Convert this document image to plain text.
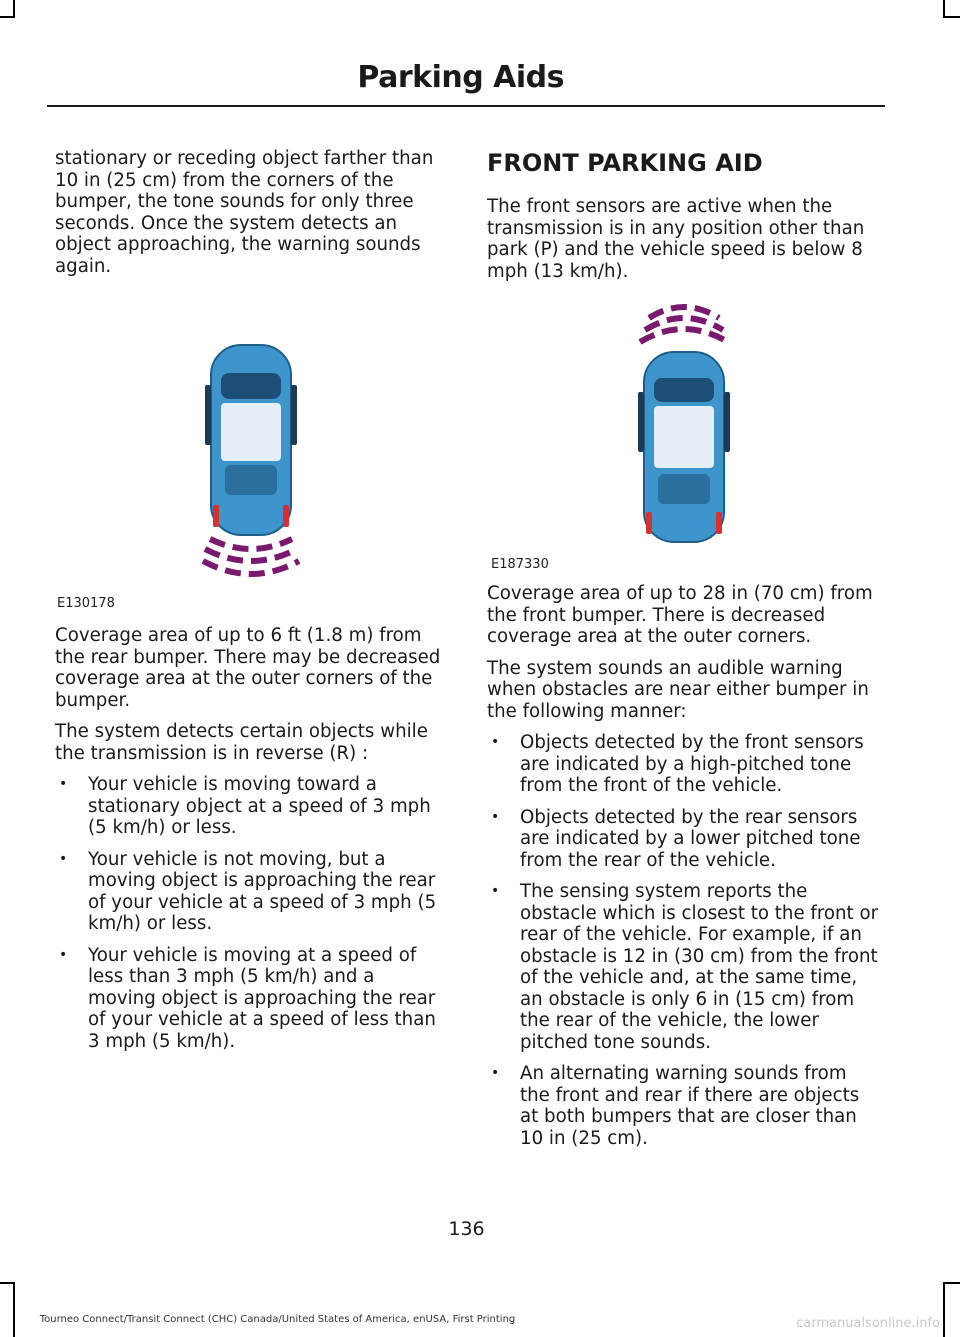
Parking Aids

stationary or receding object farther than 10 in (25 cm) from the corners of the bumper, the tone sounds for only three seconds. Once the system detects an object approaching, the warning sounds again.

E130178

Coverage area of up to 6 ft (1.8 m) from the rear bumper. There may be decreased coverage area at the outer corners of the bumper.

The system detects certain objects while the transmission is in reverse (R) :

• Your vehicle is moving toward a stationary object at a speed of 3 mph (5 km/h) or less.
• Your vehicle is not moving, but a moving object is approaching the rear of your vehicle at a speed of 3 mph (5 km/h) or less.
• Your vehicle is moving at a speed of less than 3 mph (5 km/h) and a moving object is approaching the rear of your vehicle at a speed of less than 3 mph (5 km/h).
FRONT PARKING AID

The front sensors are active when the transmission is in any position other than park (P) and the vehicle speed is below 8 mph (13 km/h).

E187330

Coverage area of up to 28 in (70 cm) from the front bumper. There is decreased coverage area at the outer corners.

The system sounds an audible warning when obstacles are near either bumper in the following manner:

• Objects detected by the front sensors are indicated by a high-pitched tone from the front of the vehicle.
• Objects detected by the rear sensors are indicated by a lower pitched tone from the rear of the vehicle.
• The sensing system reports the obstacle which is closest to the front or rear of the vehicle. For example, if an obstacle is 12 in (30 cm) from the front of the vehicle and, at the same time, an obstacle is only 6 in (15 cm) from the rear of the vehicle, the lower pitched tone sounds.
• An alternating warning sounds from the front and rear if there are objects at both bumpers that are closer than 10 in (25 cm).
136
Tourneo Connect/Transit Connect (CHC) Canada/United States of America, enUSA, First Printing	carmanualsonline.info
